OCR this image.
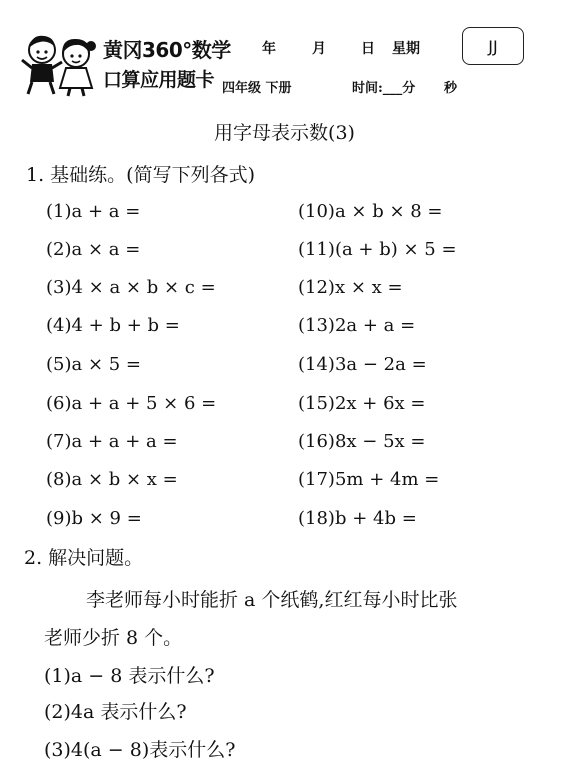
黄冈360°数学
口算应用题卡
年	月	日 星期
四年级 下册	时间:___分 秒
JJ
用字母表示数(3)
1. 基础练。(简写下列各式)
(1)a + a =
(2)a × a =
(3)4 × a × b × c =
(4)4 + b + b =
(5)a × 5 =
(6)a + a + 5 × 6 =
(7)a + a + a =
(8)a × b × x =
(9)b × 9 =
(10)a × b × 8 =
(11)(a + b) × 5 =
(12)x × x =
(13)2a + a =
(14)3a − 2a =
(15)2x + 6x =
(16)8x − 5x =
(17)5m + 4m =
(18)b + 4b =
2. 解决问题。
李老师每小时能折 a 个纸鹤,红红每小时比张
老师少折 8 个。
(1)a − 8 表示什么?
(2)4a 表示什么?
(3)4(a − 8)表示什么?
